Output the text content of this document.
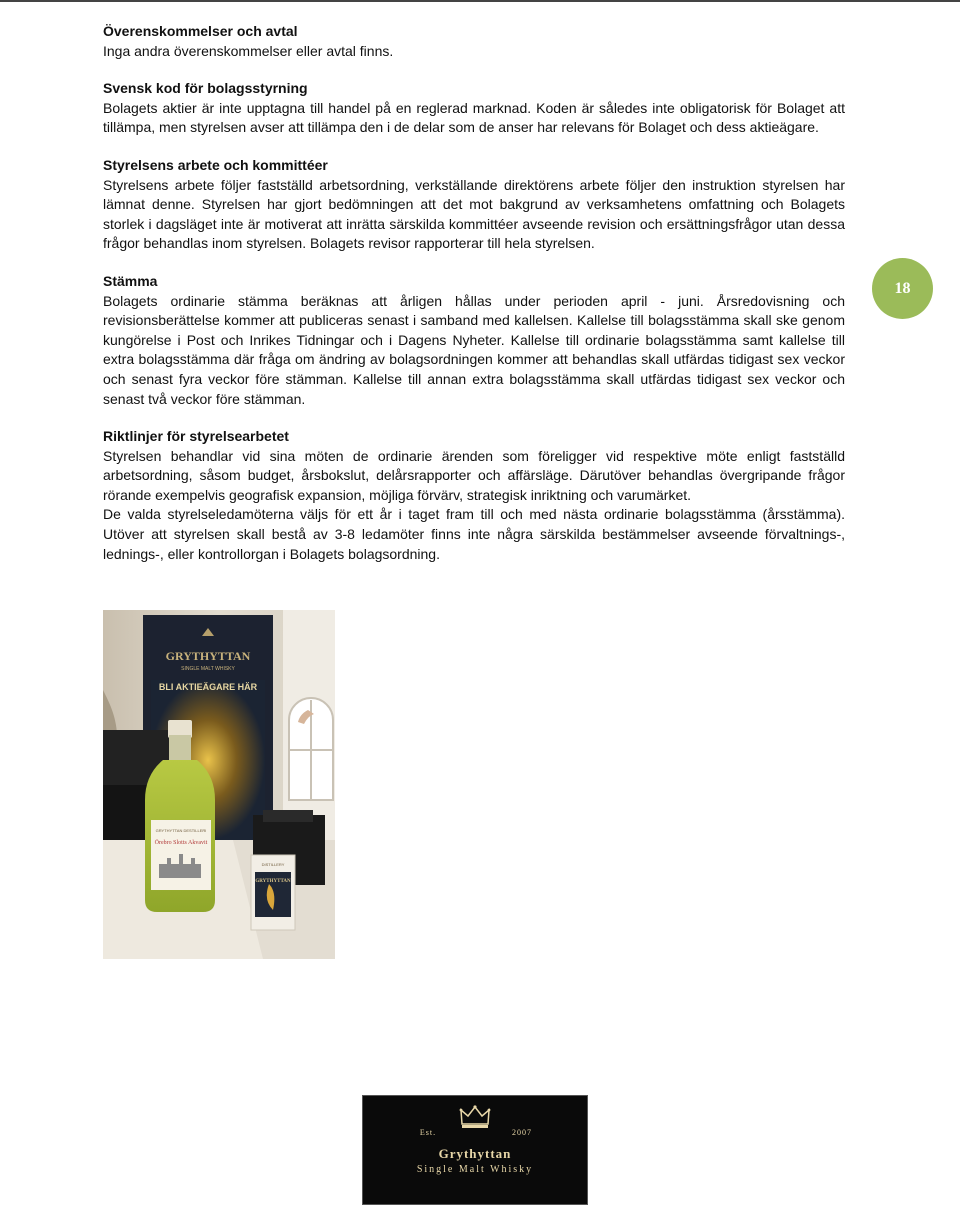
Överenskommelser och avtal

Inga andra överenskommelser eller avtal finns.

Svensk kod för bolagsstyrning

Bolagets aktier är inte upptagna till handel på en reglerad marknad. Koden är således inte obligatorisk för Bolaget att tillämpa, men styrelsen avser att tillämpa den i de delar som de anser har relevans för Bolaget och dess aktieägare.

Styrelsens arbete och kommittéer

Styrelsens arbete följer fastställd arbetsordning, verkställande direktörens arbete följer den instruktion styrelsen har lämnat denne. Styrelsen har gjort bedömningen att det mot bakgrund av verksamhetens omfattning och Bolagets storlek i dagsläget inte är motiverat att inrätta särskilda kommittéer avseende revision och ersättningsfrågor utan dessa frågor behandlas inom styrelsen. Bolagets revisor rapporterar till hela styrelsen.

Stämma

Bolagets ordinarie stämma beräknas att årligen hållas under perioden april - juni. Årsredovisning och revisionsberättelse kommer att publiceras senast i samband med kallelsen. Kallelse till bolagsstämma skall ske genom kungörelse i Post och Inrikes Tidningar och i Dagens Nyheter. Kallelse till ordinarie bolagsstämma samt kallelse till extra bolagsstämma där fråga om ändring av bolagsordningen kommer att behandlas skall utfärdas tidigast sex veckor och senast fyra veckor före stämman. Kallelse till annan extra bolagsstämma skall utfärdas tidigast sex veckor och senast två veckor före stämman.

Riktlinjer för styrelsearbetet

Styrelsen behandlar vid sina möten de ordinarie ärenden som föreligger vid respektive möte enligt fastställd arbetsordning, såsom budget, årsbokslut, delårsrapporter och affärsläge. Därutöver behandlas övergripande frågor rörande exempelvis geografisk expansion, möjliga förvärv, strategisk inriktning och varumärket.

De valda styrelseledamöterna väljs för ett år i taget fram till och med nästa ordinarie bolagsstämma (årsstämma). Utöver att styrelsen skall bestå av 3-8 ledamöter finns inte några särskilda bestämmelser avseende förvaltnings-, lednings-, eller kontrollorgan i Bolagets bolagsordning.

18
GRYTHYTTAN
SINGLE MALT WHISKY
BLI AKTIEÄGARE HÄR
GRYTHYTTAN DESTILLERI
Örebro Slotts Akvavit
DISTILLERY
GRYTHYTTAN
Est.	2007
Grythyttan
Single Malt Whisky
